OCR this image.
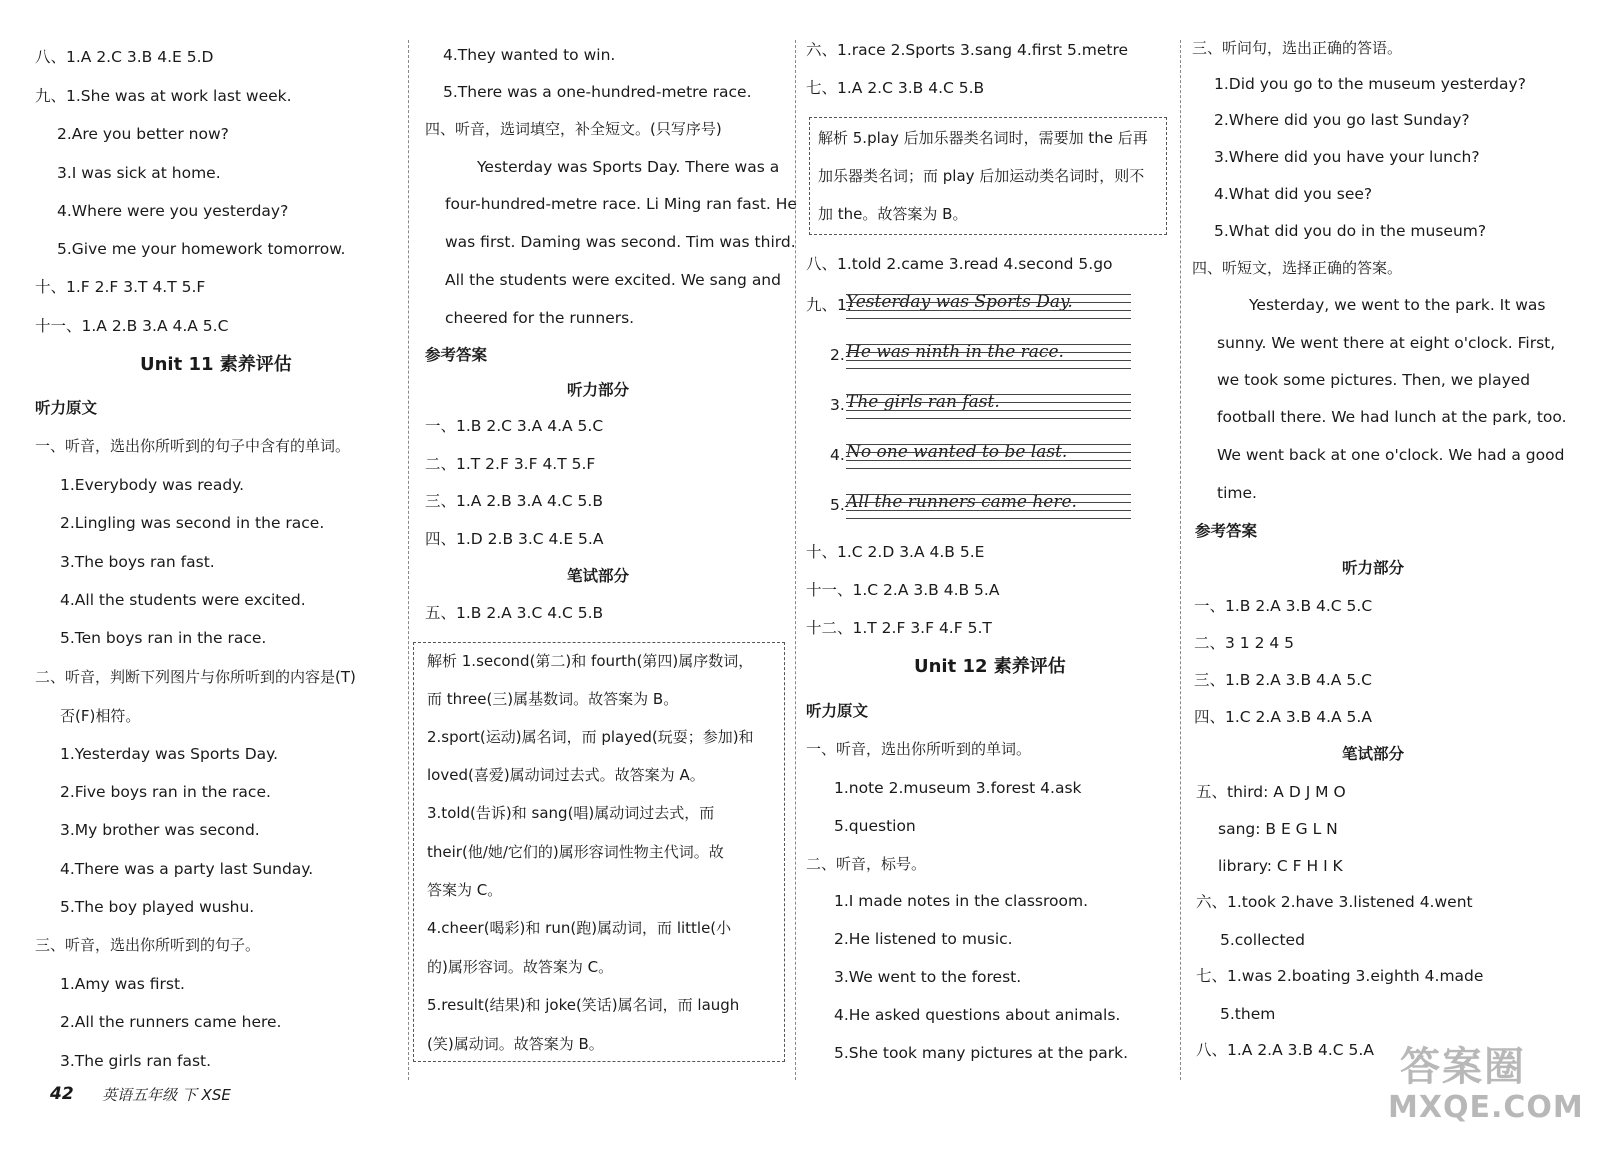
八、1.A 2.C 3.B 4.E 5.D
九、1.She was at work last week.
2.Are you better now?
3.I was sick at home.
4.Where were you yesterday?
5.Give me your homework tomorrow.
十、1.F 2.F 3.T 4.T 5.F
十一、1.A 2.B 3.A 4.A 5.C
Unit 11 素养评估
听力原文
一、听音，选出你所听到的句子中含有的单词。
1.Everybody was ready.
2.Lingling was second in the race.
3.The boys ran fast.
4.All the students were excited.
5.Ten boys ran in the race.
二、听音，判断下列图片与你所听到的内容是(T)
否(F)相符。
1.Yesterday was Sports Day.
2.Five boys ran in the race.
3.My brother was second.
4.There was a party last Sunday.
5.The boy played wushu.
三、听音，选出你所听到的句子。
1.Amy was first.
2.All the runners came here.
3.The girls ran fast.
4.They wanted to win.
5.There was a one-hundred-metre race.
四、听音，选词填空，补全短文。(只写序号)
Yesterday was Sports Day. There was a
four-hundred-metre race. Li Ming ran fast. He
was first. Daming was second. Tim was third.
All the students were excited. We sang and
cheered for the runners.
参考答案
听力部分
一、1.B 2.C 3.A 4.A 5.C
二、1.T 2.F 3.F 4.T 5.F
三、1.A 2.B 3.A 4.C 5.B
四、1.D 2.B 3.C 4.E 5.A
笔试部分
五、1.B 2.A 3.C 4.C 5.B
解析 1.second(第二)和 fourth(第四)属序数词，
而 three(三)属基数词。故答案为 B。
2.sport(运动)属名词，而 played(玩耍；参加)和
loved(喜爱)属动词过去式。故答案为 A。
3.told(告诉)和 sang(唱)属动词过去式，而
their(他/她/它们的)属形容词性物主代词。故
答案为 C。
4.cheer(喝彩)和 run(跑)属动词，而 little(小
的)属形容词。故答案为 C。
5.result(结果)和 joke(笑话)属名词，而 laugh
(笑)属动词。故答案为 B。
六、1.race 2.Sports 3.sang 4.first 5.metre
七、1.A 2.C 3.B 4.C 5.B
解析 5.play 后加乐器类名词时，需要加 the 后再
加乐器类名词；而 play 后加运动类名词时，则不
加 the。故答案为 B。
八、1.told 2.came 3.read 4.second 5.go
九、1.
Yesterday was Sports Day.
2. He was ninth in the race.
3. The girls ran fast.
4. No one wanted to be last.
5. All the runners came here.
十、1.C 2.D 3.A 4.B 5.E
十一、1.C 2.A 3.B 4.B 5.A
十二、1.T 2.F 3.F 4.F 5.T
Unit 12 素养评估
听力原文
一、听音，选出你所听到的单词。
1.note 2.museum 3.forest 4.ask
5.question
二、听音，标号。
1.I made notes in the classroom.
2.He listened to music.
3.We went to the forest.
4.He asked questions about animals.
5.She took many pictures at the park.
三、听问句，选出正确的答语。
1.Did you go to the museum yesterday?
2.Where did you go last Sunday?
3.Where did you have your lunch?
4.What did you see?
5.What did you do in the museum?
四、听短文，选择正确的答案。
Yesterday, we went to the park. It was
sunny. We went there at eight o'clock. First,
we took some pictures. Then, we played
football there. We had lunch at the park, too.
We went back at one o'clock. We had a good
time.
参考答案
听力部分
一、1.B 2.A 3.B 4.C 5.C
二、3 1 2 4 5
三、1.B 2.A 3.B 4.A 5.C
四、1.C 2.A 3.B 4.A 5.A
笔试部分
五、third: A D J M O
sang: B E G L N
library: C F H I K
六、1.took 2.have 3.listened 4.went
5.collected
七、1.was 2.boating 3.eighth 4.made
5.them
八、1.A 2.A 3.B 4.C 5.A
42 英语五年级 下 XSE
答案圈
MXQE.COM
